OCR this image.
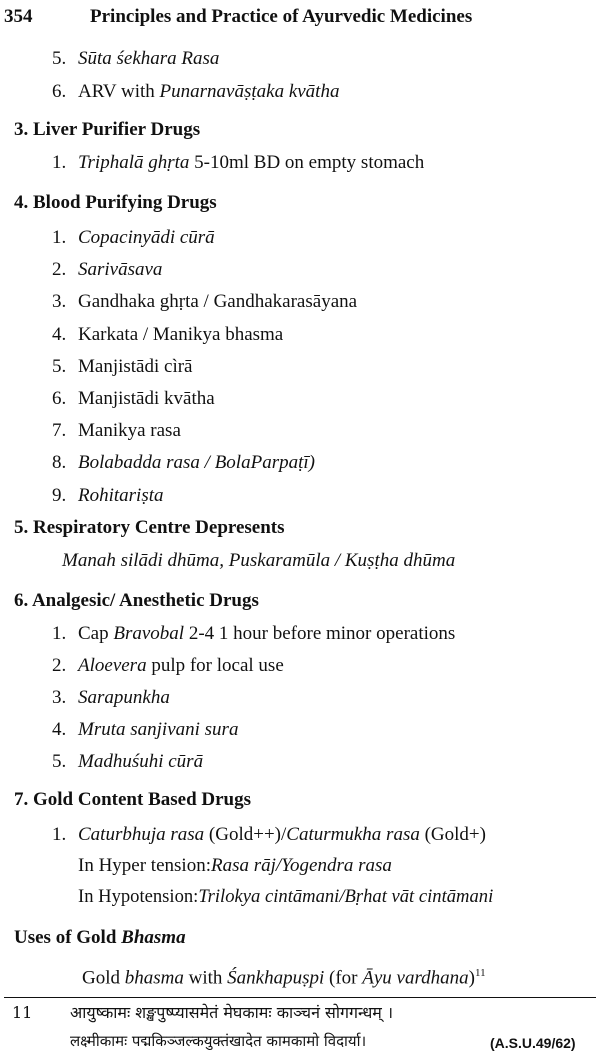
354	Principles and Practice of Ayurvedic Medicines
5. Sūta śekhara Rasa
6. ARV with Punarnavāṣṭaka kvātha
3. Liver Purifier Drugs
1. Triphalā ghṛta 5-10ml BD on empty stomach
4. Blood Purifying Drugs
1. Copacinyādi cūrā
2. Sarivāsava
3. Gandhaka ghṛta / Gandhakarasāyana
4. Karkata / Manikya bhasma
5. Manjistādi cìrā
6. Manjistādi kvātha
7. Manikya rasa
8. Bolabadda rasa / BolaParpaṭī)
9. Rohitariṣta
5. Respiratory Centre Depresents
Manah silādi dhūma, Puskaramūla / Kuṣṭha dhūma
6. Analgesic/ Anesthetic Drugs
1. Cap Bravobal 2-4 1 hour before minor operations
2. Aloevera pulp for local use
3. Sarapunkha
4. Mruta sanjivani sura
5. Madhuśuhi cūrā
7. Gold Content Based Drugs
1. Caturbhuja rasa (Gold++)/Caturmukha rasa (Gold+)
In Hyper tension:Rasa rāj/Yogendra rasa
In Hypotension:Trilokya cintāmani/Bṛhat vāt cintāmani
Uses of Gold Bhasma
Gold bhasma with Śankhapuṣpi (for Āyu vardhana)$^{11}$
11 आयुष्कामः शङ्खपुष्प्यासमेतं मेघकामः काञ्चनं सोगगन्धम् ।
लक्ष्मीकामः पद्मकिञ्जल्कयुक्तंखादेत कामकामो विदार्या।	(A.S.U.49/62)
